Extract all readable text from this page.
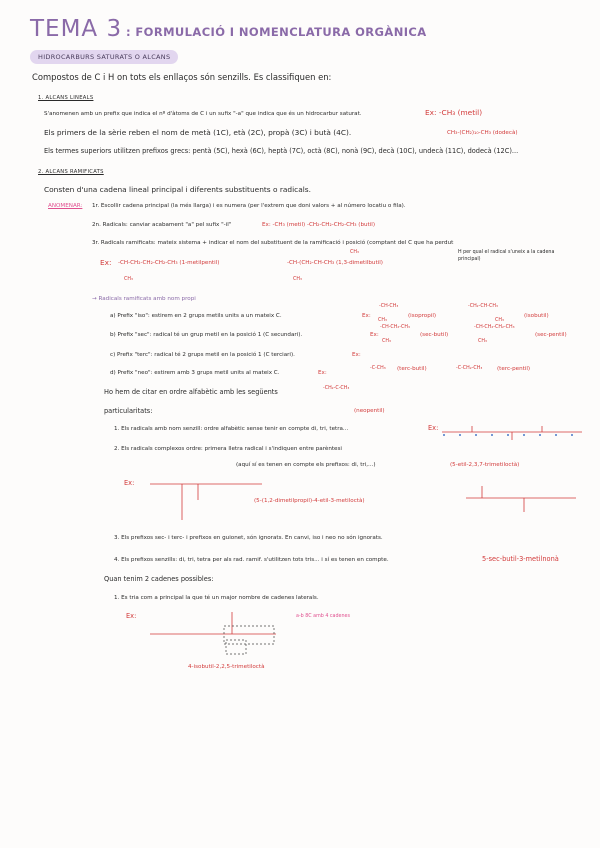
TEMA 3 : FORMULACIÓ I NOMENCLATURA ORGÀNICA
HIDROCARBURS SATURATS O ALCANS
Compostos de C i H on tots els enllaços són senzills. Es classifiquen en:
1. ALCANS LINEALS
S'anomenen amb un prefix que indica el nº d'àtoms de C i un sufix "-a" que indica que és un hidrocarbur saturat.	Ex: -CH₃ (metil)
Els primers de la sèrie reben el nom de metà (1C), età (2C), propà (3C) i butà (4C).	CH₃-(CH₂)₁₀-CH₃ (dodecà)
Els termes superiors utilitzen prefixos grecs: pentà (5C), hexà (6C), heptà (7C), octà (8C), nonà (9C), decà (10C), undecà (11C), dodecà (12C)...
2. ALCANS RAMIFICATS
Consten d'una cadena lineal principal i diferents substituents o radicals.
ANOMENAR: 1r. Escollir cadena principal (la més llarga) i es numera (per l'extrem que doni valors + al número locatiu o fila).
2n. Radicals: canviar acabament "a" pel sufix "-il"	Ex: -CH₃ (metil) -CH₂-CH₂-CH₂-CH₃ (butil)
3r. Radicals ramificats: mateix sistema + indicar el nom del substituent de la ramificació i posició (comptant del C que ha perdut
H per qual el radical s'uneix a la cadena principal)
Ex: -CH-CH₂-CH₂-CH₂-CH₃ (1-metilpentil)
CH₃
-CH-(CH₂-CH-CH₃ (1,3-dimetilbutil)
CH₃
CH₃
→ Radicals ramificats amb nom propi
a) Prefix "iso": estirem en 2 grups metils units a un mateix C.	Ex:
-CH-CH₃
CH₃
(isopropil)
-CH₂-CH-CH₃
CH₃
(isobutil)
b) Prefix "sec": radical té un grup metil en la posició 1 (C secundari).	Ex:
-CH-CH₂-CH₃
CH₃
(sec-butil)
-CH-CH₂-CH₂-CH₃
CH₃
(sec-pentil)
c) Prefix "terc": radical té 2 grups metil en la posició 1 (C terciari).	Ex:
-C-CH₃ (terc-butil)	-C-CH₂-CH₃	(terc-pentil)
d) Prefix "neo": estirem amb 3 grups metil units al mateix C.	Ex:
-CH₂-C-CH₃
(neopentil)
Ho hem de citar en ordre alfabètic amb les següents
particularitats:
1. Els radicals amb nom senzill: ordre alfabètic sense tenir en compte di, tri, tetra...	Ex:
2. Els radicals complexos ordre: primera lletra radical i s'indiquen entre parèntesi
(aquí sí es tenen en compte els prefixos: di, tri,...)
Ex:
(5-(1,2-dimetilpropil)-4-etil-3-metiloctà)
(5-etil-2,3,7-trimetiloctà)
3. Els prefixos sec- i terc- i prefixos en guionet, són ignorats. En canvi, iso i neo no són ignorats.
4. Els prefixos senzills: di, tri, tetra per als rad. ramif. s'utilitzen tots tris... i sí es tenen en compte.	5-sec-butil-3-metilnonà
Quan tenim 2 cadenes possibles:
1. Es tria com a principal la que té un major nombre de cadenes laterals.
Ex:	a-b 8C amb 4 cadenes
4-isobutil-2,2,5-trimetiloctà
